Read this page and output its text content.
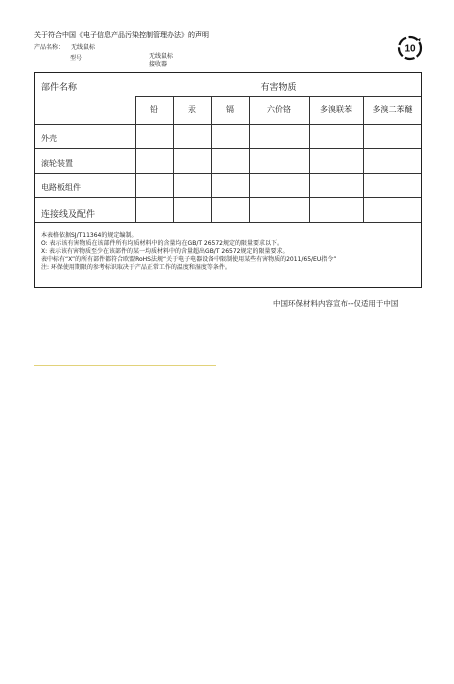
关于符合中国《电子信息产品污染控制管理办法》的声明
产品名称： 无线鼠标
型号	无线鼠标
接收器
10
部件名称	有害物质
铅	汞	镉	六价铬	多溴联苯	多溴二苯醚
外壳
滚轮装置
电路板组件
连接线及配件
本表格依据SJ/T11364的规定编制。
O: 表示该有害物质在该部件所有均质材料中的含量均在GB/T 26572规定的限量要求以下。
X: 表示该有害物质至少在该部件的某一均质材料中的含量超出GB/T 26572规定的限量要求。
表中标有“X”的所有部件都符合欧盟RoHS法规“关于电子电器设备中限制使用某些有害物质的2011/65/EU指令”
注: 环保使用期限的参考标识取决于产品正常工作的温度和湿度等条件。
中国环保材料内容宣布--仅适用于中国
